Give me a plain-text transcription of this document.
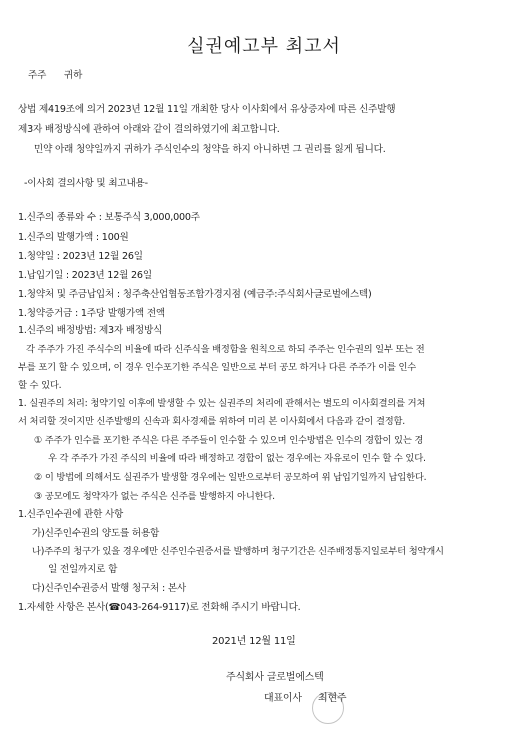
실권예고부 최고서
주주 귀하
상법 제419조에 의거 2023년 12월 11일 개최한 당사 이사회에서 유상증자에 따른 신주발행
제3자 배정방식에 관하여 아래와 같이 결의하였기에 최고합니다.
민약 아래 청약일까지 귀하가 주식인수의 청약을 하지 아니하면 그 권리를 잃게 됩니다.
-이사회 결의사항 및 최고내용-
1.신주의 종류와 수 : 보통주식 3,000,000주
1.신주의 발행가액 : 100원
1.청약일 : 2023년 12월 26일
1.납입기일 : 2023년 12월 26일
1.청약처 및 주금납입처 : 청주축산업협동조합가경지점 (예금주:주식회사글로벌에스텍)
1.청약증거금 : 1주당 발행가액 전액
1.신주의 배정방법: 제3자 배정방식
각 주주가 가진 주식수의 비율에 따라 신주식을 배정함을 원칙으로 하되 주주는 인수권의 일부 또는 전
부를 포기 할 수 있으며, 이 경우 인수포기한 주식은 일반으로 부터 공모 하거나 다른 주주가 이를 인수
할 수 있다.
1. 실권주의 처리: 청약기일 이후에 발생할 수 있는 실권주의 처리에 관해서는 별도의 이사회결의를 거쳐
서 처리할 것이지만 신주발행의 신속과 회사경제를 위하여 미리 본 이사회에서 다음과 같이 결정함.
① 주주가 인수를 포기한 주식은 다른 주주들이 인수할 수 있으며 인수방법은 인수의 경합이 있는 경
우 각 주주가 가진 주식의 비율에 따라 배정하고 경합이 없는 경우에는 자유로이 인수 할 수 있다.
② 이 방법에 의해서도 실권주가 발생할 경우에는 일반으로부터 공모하여 위 납입기일까지 납입한다.
③ 공모에도 청약자가 없는 주식은 신주를 발행하지 아니한다.
1.신주인수권에 관한 사항
가)신주인수권의 양도를 허용함
나)주주의 청구가 있을 경우에만 신주인수권증서를 발행하며 청구기간은 신주배정통지일로부터 청약개시
일 전일까지로 함
다)신주인수권증서 발행 청구처 : 본사
1.자세한 사항은 본사(☎043-264-9117)로 전화해 주시기 바랍니다.
2021년 12월 11일
주식회사 글로벌에스텍
대표이사 최현주
